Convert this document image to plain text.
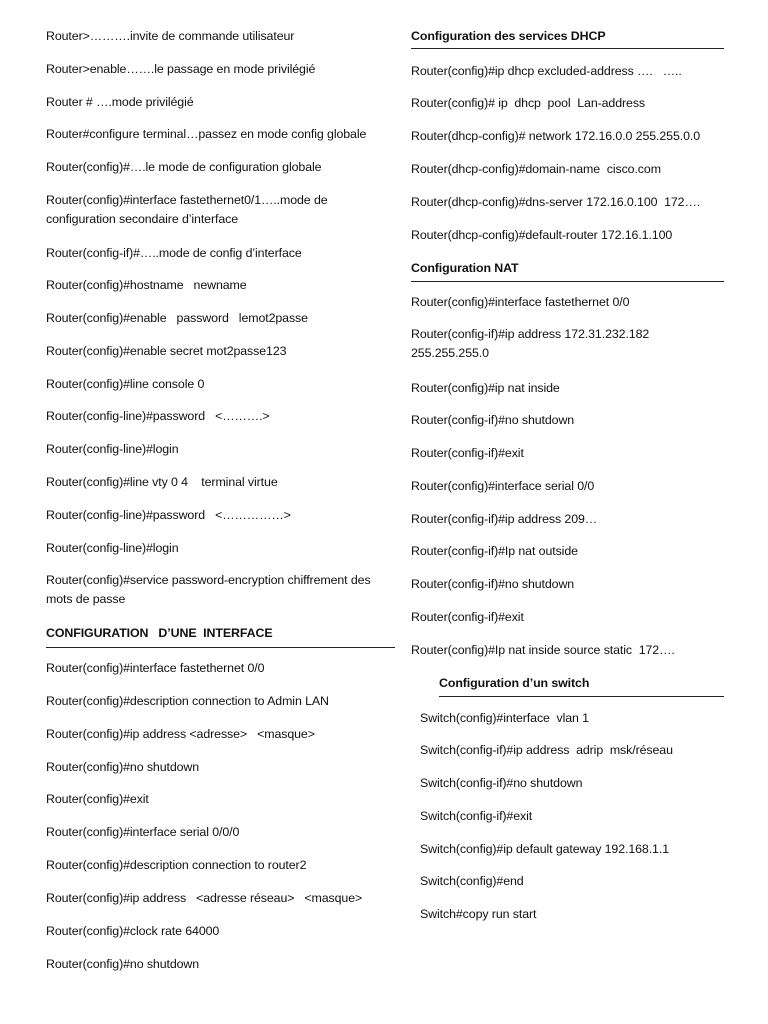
Router>……….invite de commande utilisateur
Router>enable…….le passage en mode privilégié
Router # ….mode privilégié
Router#configure terminal…passez en mode config globale
Router(config)#….le mode de configuration globale
Router(config)#interface fastethernet0/1…..mode de configuration secondaire d’interface
Router(config-if)#…..mode de config d’interface
Router(config)#hostname   newname
Router(config)#enable   password   lemot2passe
Router(config)#enable secret mot2passe123
Router(config)#line console 0
Router(config-line)#password   <……….>
Router(config-line)#login
Router(config)#line vty 0 4    terminal virtue
Router(config-line)#password   <……………>
Router(config-line)#login
Router(config)#service password-encryption chiffrement des mots de passe
CONFIGURATION   D’UNE  INTERFACE
Router(config)#interface fastethernet 0/0
Router(config)#description connection to Admin LAN
Router(config)#ip address <adresse>   <masque>
Router(config)#no shutdown
Router(config)#exit
Router(config)#interface serial 0/0/0
Router(config)#description connection to router2
Router(config)#ip address   <adresse réseau>   <masque>
Router(config)#clock rate 64000
Router(config)#no shutdown
Configuration des services DHCP
Router(config)#ip dhcp excluded-address ….   …..
Router(config)# ip  dhcp  pool  Lan-address
Router(dhcp-config)# network 172.16.0.0 255.255.0.0
Router(dhcp-config)#domain-name  cisco.com
Router(dhcp-config)#dns-server 172.16.0.100  172….
Router(dhcp-config)#default-router 172.16.1.100
Configuration NAT
Router(config)#interface fastethernet 0/0
Router(config-if)#ip address 172.31.232.182 255.255.255.0
Router(config)#ip nat inside
Router(config-if)#no shutdown
Router(config-if)#exit
Router(config)#interface serial 0/0
Router(config-if)#ip address 209…
Router(config-if)#Ip nat outside
Router(config-if)#no shutdown
Router(config-if)#exit
Router(config)#Ip nat inside source static  172….
Configuration d’un switch
Switch(config)#interface  vlan 1
Switch(config-if)#ip address  adrip  msk/réseau
Switch(config-if)#no shutdown
Switch(config-if)#exit
Switch(config)#ip default gateway 192.168.1.1
Switch(config)#end
Switch#copy run start
